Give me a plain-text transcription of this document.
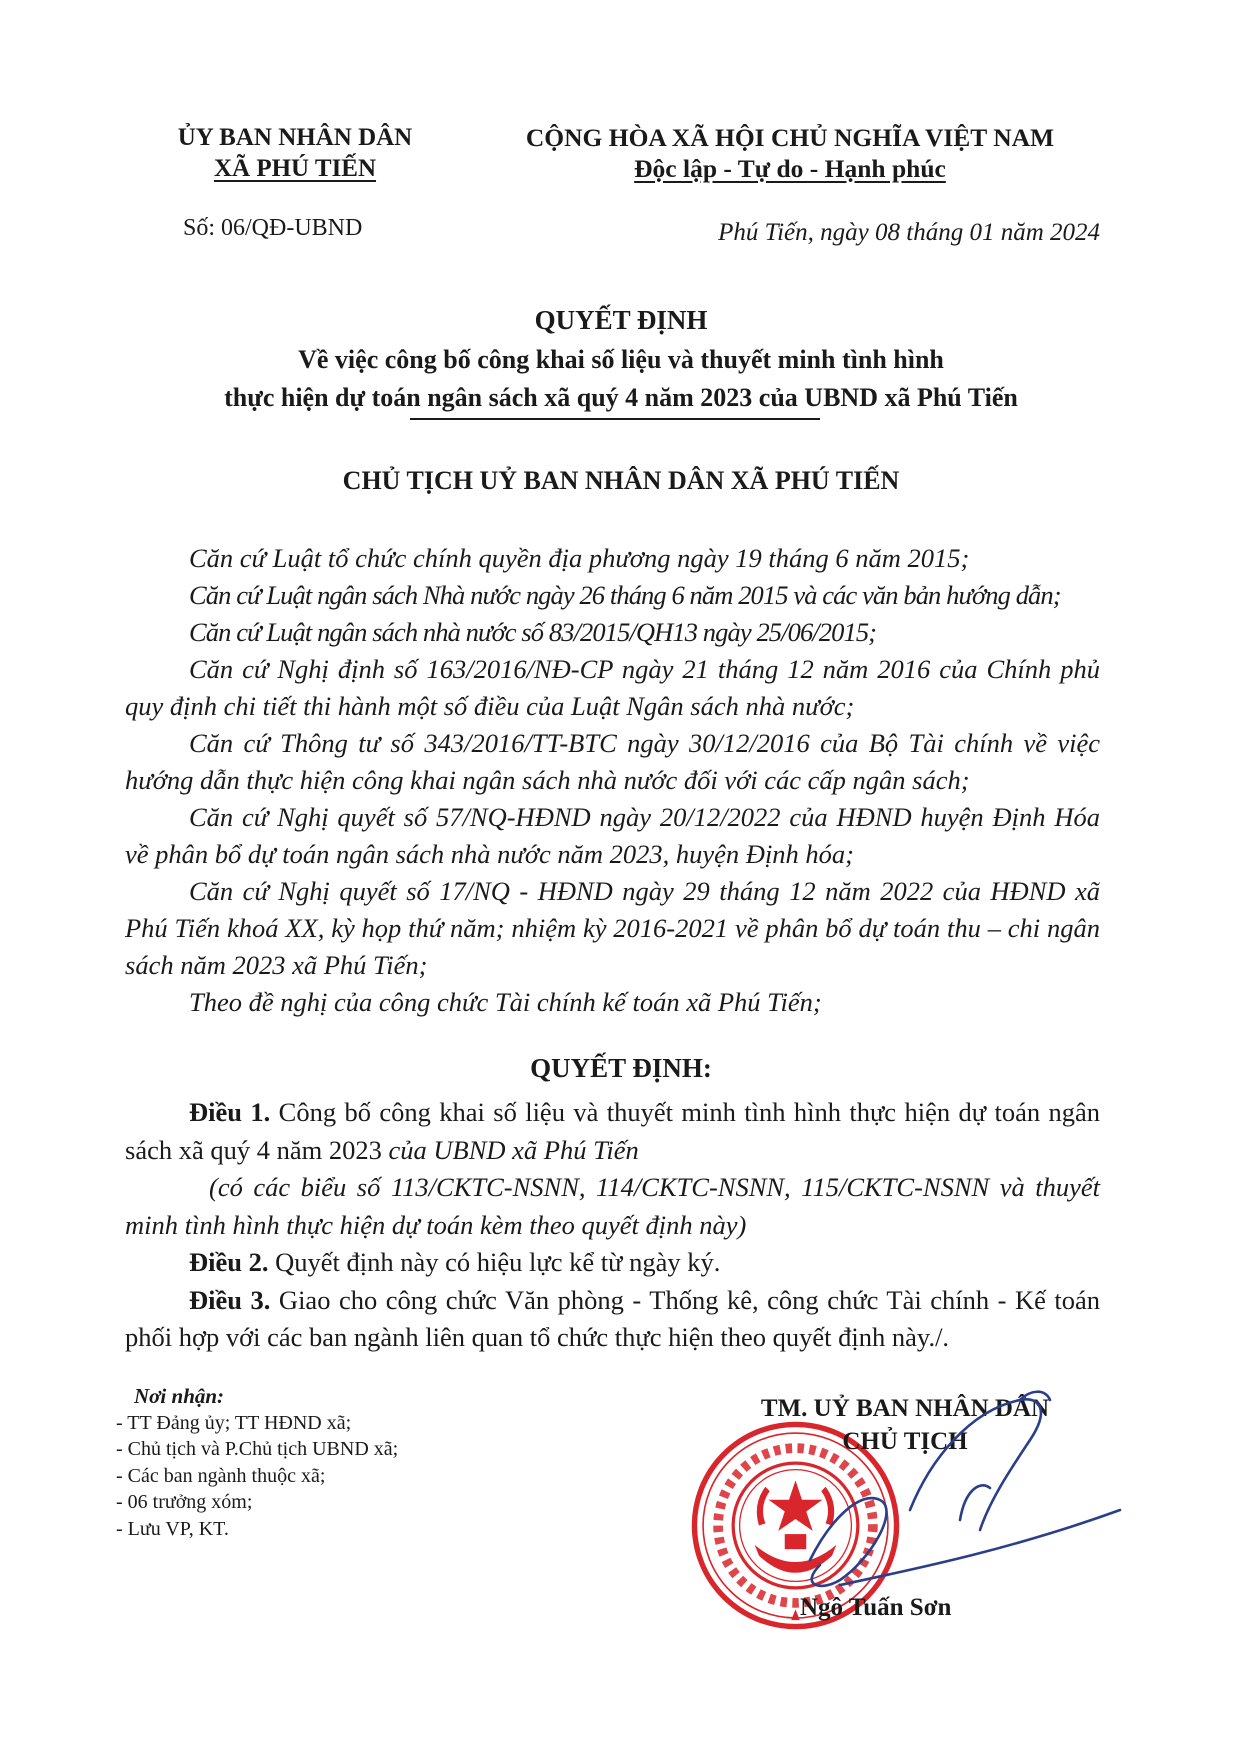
ỦY BAN NHÂN DÂN
XÃ PHÚ TIẾN
CỘNG HÒA XÃ HỘI CHỦ NGHĨA VIỆT NAM
Độc lập - Tự do - Hạnh phúc
Số: 06/QĐ-UBND	Phú Tiến, ngày 08 tháng 01 năm 2024
QUYẾT ĐỊNH
Về việc công bố công khai số liệu và thuyết minh tình hình
thực hiện dự toán ngân sách xã quý 4 năm 2023 của UBND xã Phú Tiến
CHỦ TỊCH UỶ BAN NHÂN DÂN XÃ PHÚ TIẾN

Căn cứ Luật tổ chức chính quyền địa phương ngày 19 tháng 6 năm 2015;

Căn cứ Luật ngân sách Nhà nước ngày 26 tháng 6 năm 2015 và các văn bản hướng dẫn;

Căn cứ Luật ngân sách nhà nước số 83/2015/QH13 ngày 25/06/2015;

Căn cứ Nghị định số 163/2016/NĐ-CP ngày 21 tháng 12 năm 2016 của Chính phủ quy định chi tiết thi hành một số điều của Luật Ngân sách nhà nước;

Căn cứ Thông tư số 343/2016/TT-BTC ngày 30/12/2016 của Bộ Tài chính về việc hướng dẫn thực hiện công khai ngân sách nhà nước đối với các cấp ngân sách;

Căn cứ Nghị quyết số 57/NQ-HĐND ngày 20/12/2022 của HĐND huyện Định Hóa về phân bổ dự toán ngân sách nhà nước năm 2023, huyện Định hóa;

Căn cứ Nghị quyết số 17/NQ - HĐND ngày 29 tháng 12 năm 2022 của HĐND xã Phú Tiến khoá XX, kỳ họp thứ năm; nhiệm kỳ 2016-2021 về phân bổ dự toán thu – chi ngân sách năm 2023 xã Phú Tiến;

Theo đề nghị của công chức Tài chính kế toán xã Phú Tiến;

QUYẾT ĐỊNH:

Điều 1. Công bố công khai số liệu và thuyết minh tình hình thực hiện dự toán ngân sách xã quý 4 năm 2023 của UBND xã Phú Tiến

(có các biểu số 113/CKTC-NSNN, 114/CKTC-NSNN, 115/CKTC-NSNN và thuyết minh tình hình thực hiện dự toán kèm theo quyết định này)

Điều 2. Quyết định này có hiệu lực kể từ ngày ký.

Điều 3. Giao cho công chức Văn phòng - Thống kê, công chức Tài chính - Kế toán phối hợp với các ban ngành liên quan tổ chức thực hiện theo quyết định này./.

Nơi nhận:
- TT Đảng ủy; TT HĐND xã;
- Chủ tịch và P.Chủ tịch UBND xã;
- Các ban ngành thuộc xã;
- 06 trưởng xóm;
- Lưu VP, KT.
TM. UỶ BAN NHÂN DÂN
CHỦ TỊCH
Ngô Tuấn Sơn
